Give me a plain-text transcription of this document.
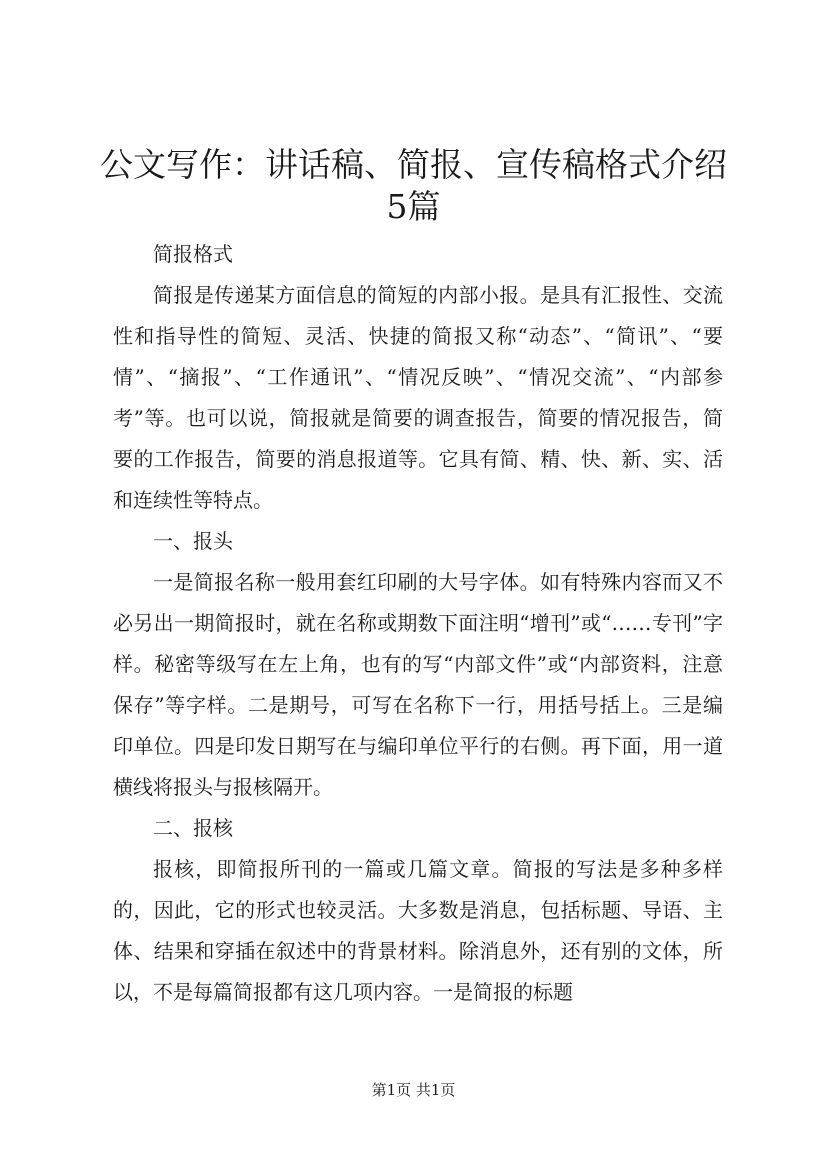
公文写作：讲话稿、简报、宣传稿格式介绍5篇

简报格式

简报是传递某方面信息的简短的内部小报。是具有汇报性、交流性和指导性的简短、灵活、快捷的简报又称“动态”、“简讯”、“要情”、“摘报”、“工作通讯”、“情况反映”、“情况交流”、“内部参考”等。也可以说，简报就是简要的调查报告，简要的情况报告，简要的工作报告，简要的消息报道等。它具有简、精、快、新、实、活和连续性等特点。

一、报头

一是简报名称一般用套红印刷的大号字体。如有特殊内容而又不必另出一期简报时，就在名称或期数下面注明“增刊”或“……专刊”字样。秘密等级写在左上角，也有的写“内部文件”或“内部资料，注意保存”等字样。二是期号，可写在名称下一行，用括号括上。三是编印单位。四是印发日期写在与编印单位平行的右侧。再下面，用一道横线将报头与报核隔开。

二、报核

报核，即简报所刊的一篇或几篇文章。简报的写法是多种多样的，因此，它的形式也较灵活。大多数是消息，包括标题、导语、主体、结果和穿插在叙述中的背景材料。除消息外，还有别的文体，所以，不是每篇简报都有这几项内容。一是简报的标题

第1页 共1页
